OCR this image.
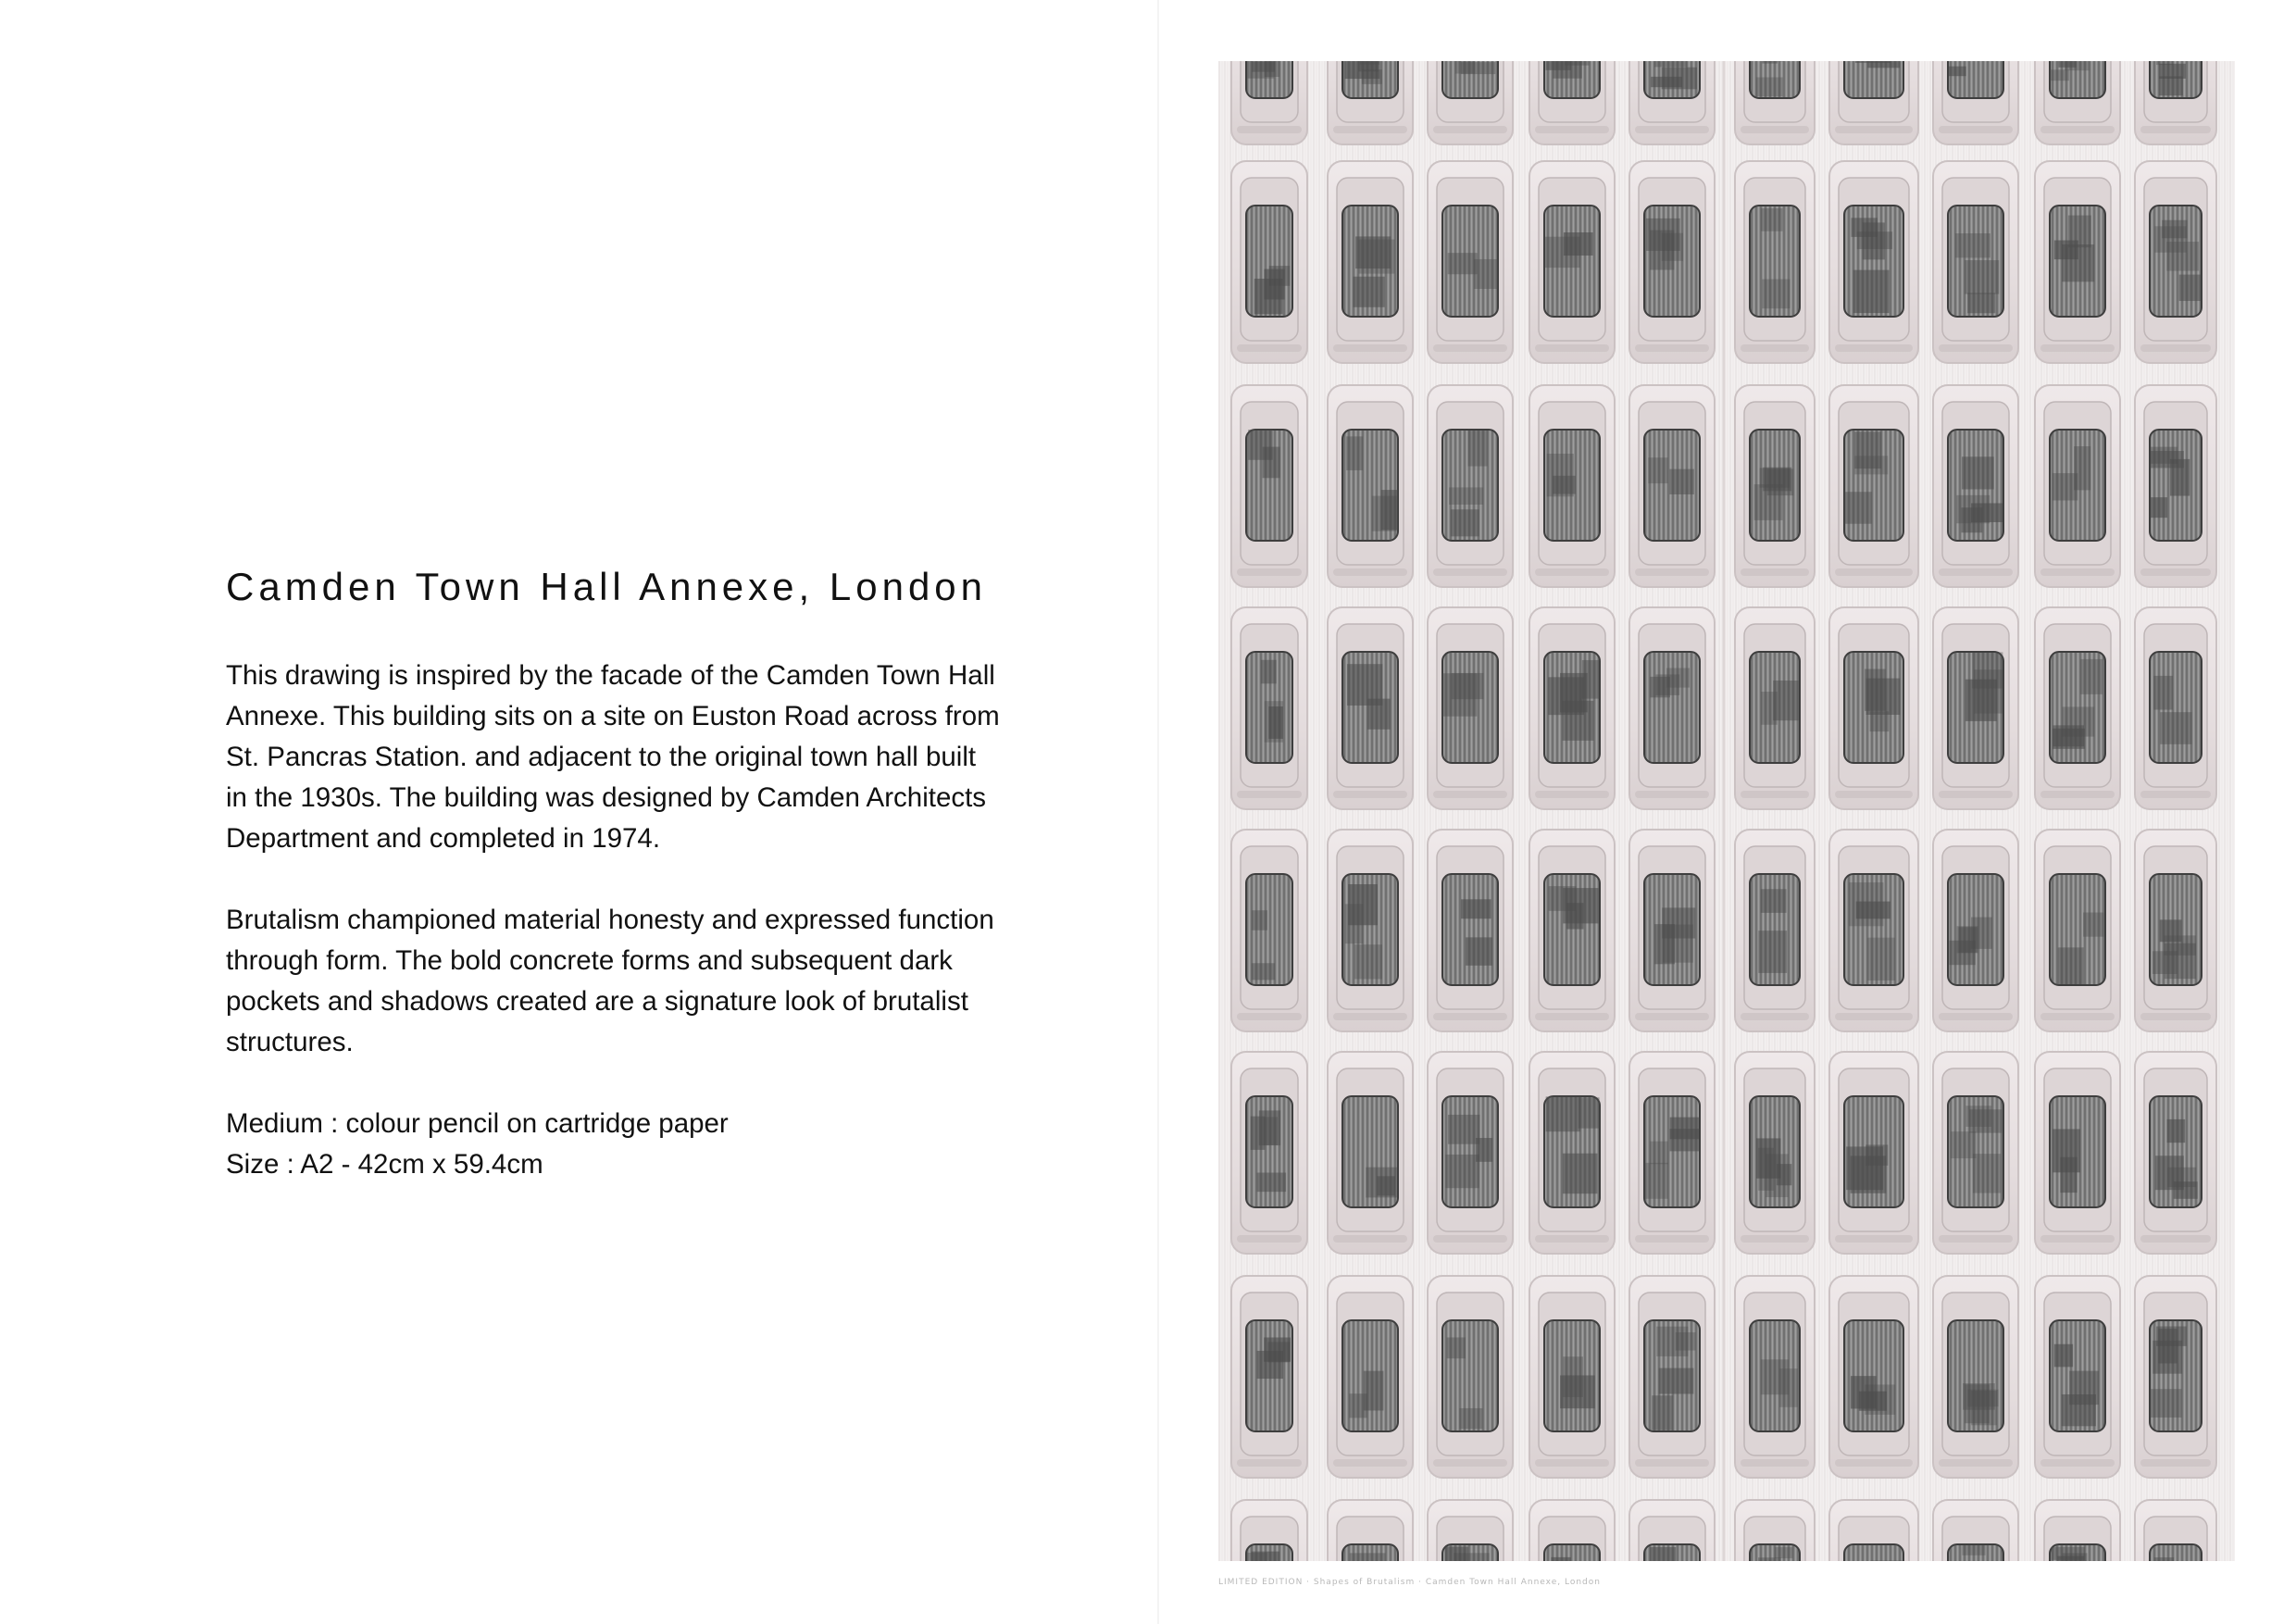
Camden Town Hall Annexe, London

This drawing is inspired by the facade of the Camden Town Hall
Annexe. This building sits on a site on Euston Road across from
St. Pancras Station. and adjacent to the original town hall built
in the 1930s. The building was designed by Camden Architects
Department and completed in 1974.

Brutalism championed material honesty and expressed function
through form. The bold concrete forms and subsequent dark
pockets and shadows created are a signature look of brutalist
structures.

Medium : colour pencil on cartridge paper
Size : A2 - 42cm x 59.4cm
LIMITED EDITION · Shapes of Brutalism · Camden Town Hall Annexe, London
